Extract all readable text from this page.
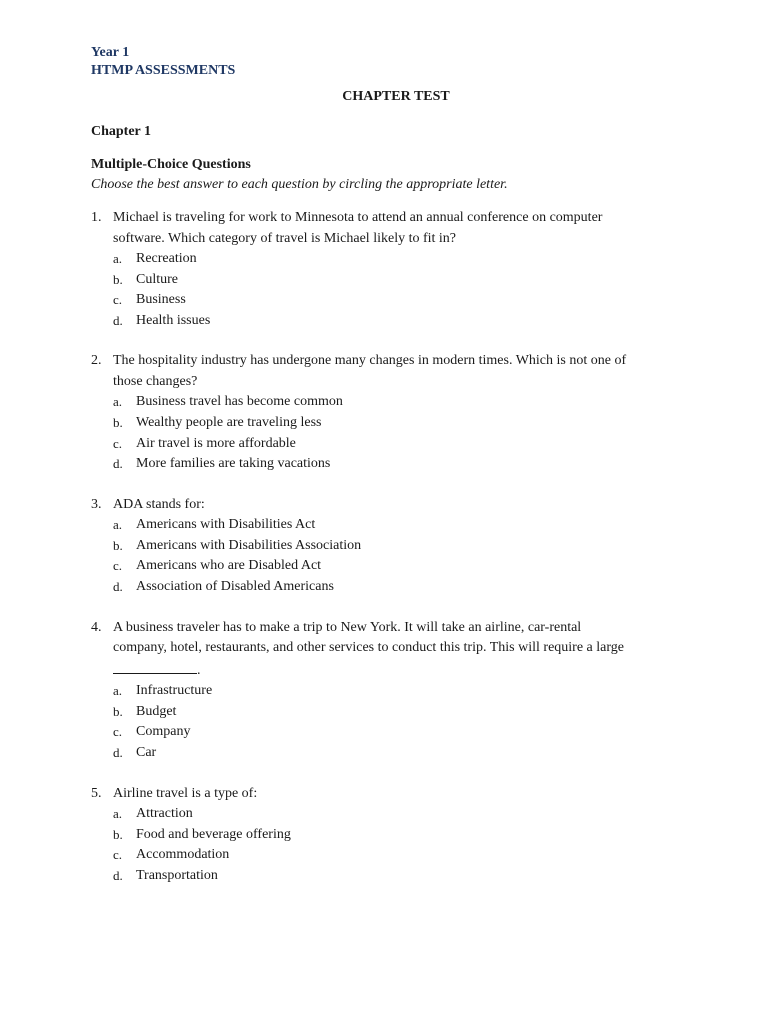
Year 1
HTMP ASSESSMENTS
CHAPTER TEST
Chapter 1
Multiple-Choice Questions
Choose the best answer to each question by circling the appropriate letter.
1. Michael is traveling for work to Minnesota to attend an annual conference on computer
software. Which category of travel is Michael likely to fit in?
a. Recreation
b. Culture
c. Business
d. Health issues
2. The hospitality industry has undergone many changes in modern times. Which is not one of
those changes?
a. Business travel has become common
b. Wealthy people are traveling less
c. Air travel is more affordable
d. More families are taking vacations
3. ADA stands for:
a. Americans with Disabilities Act
b. Americans with Disabilities Association
c. Americans who are Disabled Act
d. Association of Disabled Americans
4. A business traveler has to make a trip to New York. It will take an airline, car-rental
company, hotel, restaurants, and other services to conduct this trip. This will require a large
.
a. Infrastructure
b. Budget
c. Company
d. Car
5. Airline travel is a type of:
a. Attraction
b. Food and beverage offering
c. Accommodation
d. Transportation
